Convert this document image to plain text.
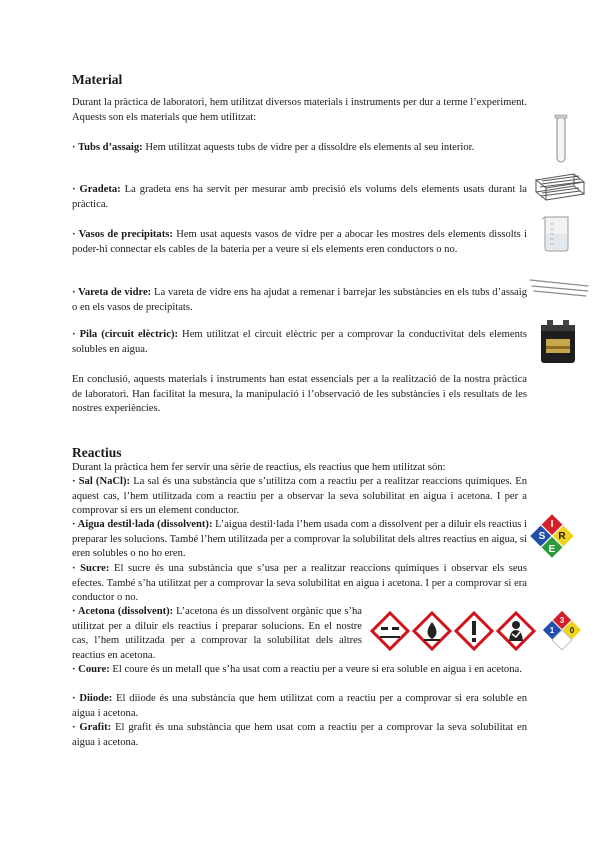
Material
Durant la pràctica de laboratori, hem utilitzat diversos materials i instruments per dur a terme l’experiment. Aquests son els materials que hem utilitzat:
· Tubs d’assaig: Hem utilitzat aquests tubs de vidre per a dissoldre els elements al seu interior.
· Gradeta: La gradeta ens ha servit per mesurar amb precisió els volums dels elements usats durant la pràctica.
· Vasos de precipitats: Hem usat aquests vasos de vidre per a abocar les mostres dels elements dissolts i poder-hi connectar els cables de la bateria per a veure si els elements eren conductors o no.
· Vareta de vidre: La vareta de vidre ens ha ajudat a remenar i barrejar les substàncies en els tubs d’assaig o en els vasos de precipitats.
· Pila (circuit elèctric): Hem utilitzat el circuit elèctric per a comprovar la conductivitat dels elements solubles en aigua.
En conclusió, aquests materials i instruments han estat essencials per a la realització de la nostra pràctica de laboratori. Han facilitat la mesura, la manipulació i l’observació de les substàncies i els resultats de les nostres experiències.
Reactius
Durant la pràctica hem fer servir una sèrie de reactius, els reactius que hem utilitzat són:
· Sal (NaCl): La sal és una substància que s’utilitza com a reactiu per a realitzar reaccions químiques. En aquest cas, l’hem utilitzada com a reactiu per a observar la seva solubilitat en aigua i acetona. I per a comprovar si ers un element conductor.
· Aigua destil·lada (dissolvent): L’aigua destil·lada l’hem usada com a dissolvent per a diluir els reactius i preparar les solucions. També l’hem utilitzada per a comprovar la solubilitat dels altres reactius en aigua, si eren solubles o no ho eren.
· Sucre: El sucre és una substància que s’usa per a realitzar reaccions químiques i observar els seus efectes. També s’ha utilitzat per a comprovar la seva solubilitat en aigua i acetona. I per a comprovar si era conductor o no.
· Acetona (dissolvent): L’acetona és un dissolvent orgànic que s’ha utilitzat per a diluir els reactius i preparar solucions. En el nostre cas, l’hem utilitzada per a comprovar la solubilitat dels altres reactius en acetona.
· Coure: El coure és un metall que s’ha usat com a reactiu per a veure si era soluble en aigua i en acetona.
· Diiode: El diiode és una substància que hem utilitzat com a reactiu per a comprovar si era soluble en aigua i acetona.
· Grafit: El grafit és una substància que hem usat com a reactiu per a comprovar la seva solubilitat en aigua i acetona.
I
S R
E
3
1 0
